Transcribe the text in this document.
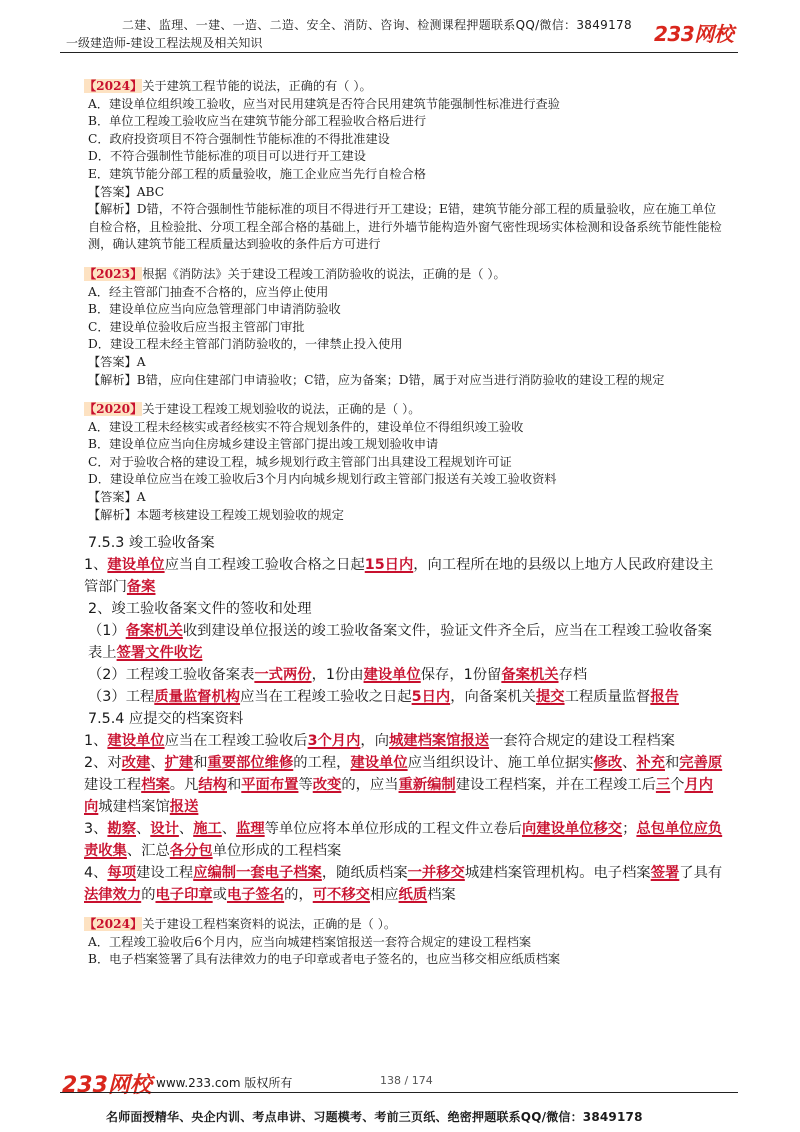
二建、监理、一建、一造、二造、安全、消防、咨询、检测课程押题联系QQ/微信：3849178
一级建造师-建设工程法规及相关知识	233网校

【2024】关于建筑工程节能的说法，正确的有（ ）。

A．建设单位组织竣工验收，应当对民用建筑是否符合民用建筑节能强制性标准进行查验

B．单位工程竣工验收应当在建筑节能分部工程验收合格后进行

C．政府投资项目不符合强制性节能标准的不得批准建设

D．不符合强制性节能标准的项目可以进行开工建设

E．建筑节能分部工程的质量验收，施工企业应当先行自检合格

【答案】ABC

【解析】D错，不符合强制性节能标准的项目不得进行开工建设；E错，建筑节能分部工程的质量验收，应在施工单位自检合格，且检验批、分项工程全部合格的基础上，进行外墙节能构造外窗气密性现场实体检测和设备系统节能性能检测，确认建筑节能工程质量达到验收的条件后方可进行

【2023】根据《消防法》关于建设工程竣工消防验收的说法，正确的是（ ）。

A．经主管部门抽查不合格的，应当停止使用

B．建设单位应当向应急管理部门申请消防验收

C．建设单位验收后应当报主管部门审批

D．建设工程未经主管部门消防验收的，一律禁止投入使用

【答案】A

【解析】B错，应向住建部门申请验收；C错，应为备案；D错，属于对应当进行消防验收的建设工程的规定

【2020】关于建设工程竣工规划验收的说法，正确的是（ ）。

A．建设工程未经核实或者经核实不符合规划条件的，建设单位不得组织竣工验收

B．建设单位应当向住房城乡建设主管部门提出竣工规划验收申请

C．对于验收合格的建设工程，城乡规划行政主管部门出具建设工程规划许可证

D．建设单位应当在竣工验收后3个月内向城乡规划行政主管部门报送有关竣工验收资料

【答案】A

【解析】本题考核建设工程竣工规划验收的规定

7.5.3 竣工验收备案

1、建设单位应当自工程竣工验收合格之日起15日内，向工程所在地的县级以上地方人民政府建设主管部门备案

2、竣工验收备案文件的签收和处理

（1）备案机关收到建设单位报送的竣工验收备案文件，验证文件齐全后，应当在工程竣工验收备案表上签署文件收讫

（2）工程竣工验收备案表一式两份，1份由建设单位保存，1份留备案机关存档

（3）工程质量监督机构应当在工程竣工验收之日起5日内，向备案机关提交工程质量监督报告

7.5.4 应提交的档案资料

1、建设单位应当在工程竣工验收后3个月内，向城建档案馆报送一套符合规定的建设工程档案

2、对改建、扩建和重要部位维修的工程，建设单位应当组织设计、施工单位据实修改、补充和完善原建设工程档案。凡结构和平面布置等改变的，应当重新编制建设工程档案，并在工程竣工后三个月内向城建档案馆报送

3、勘察、设计、施工、监理等单位应将本单位形成的工程文件立卷后向建设单位移交；总包单位应负责收集、汇总各分包单位形成的工程档案

4、每项建设工程应编制一套电子档案，随纸质档案一并移交城建档案管理机构。电子档案签署了具有法律效力的电子印章或电子签名的，可不移交相应纸质档案

【2024】关于建设工程档案资料的说法，正确的是（ ）。

A．工程竣工验收后6个月内，应当向城建档案馆报送一套符合规定的建设工程档案

B．电子档案签署了具有法律效力的电子印章或者电子签名的，也应当移交相应纸质档案

233网校 www.233.com 版权所有	138 / 174
名师面授精华、央企内训、考点串讲、习题模考、考前三页纸、绝密押题联系QQ/微信：3849178
